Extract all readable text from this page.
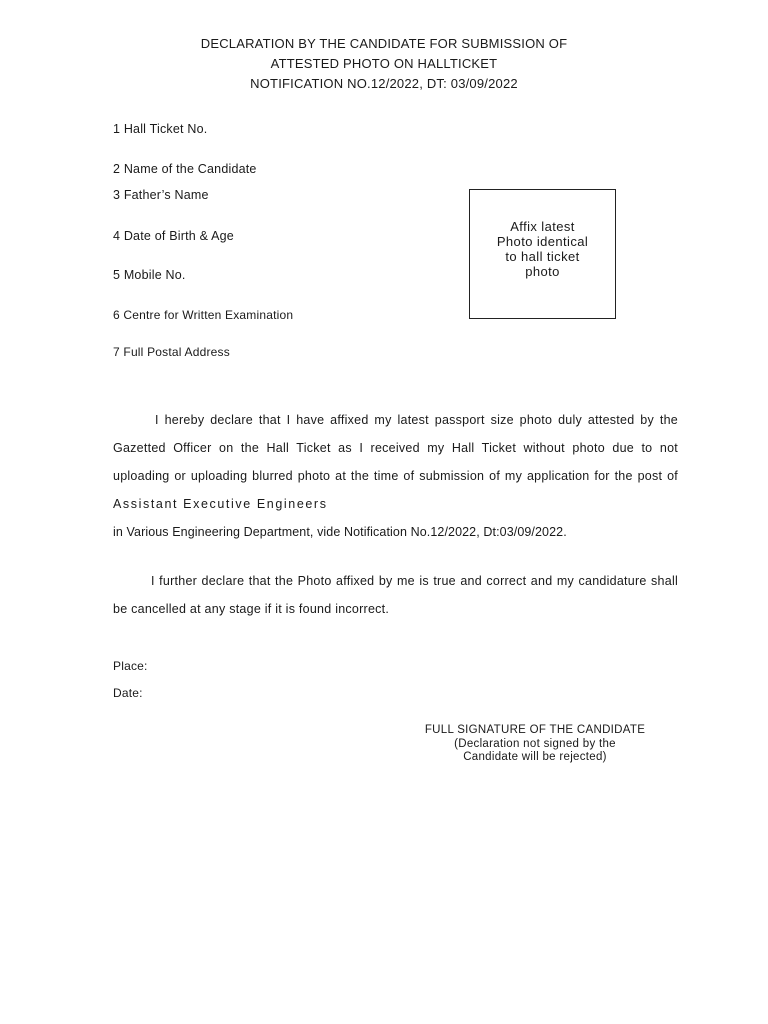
DECLARATION BY THE CANDIDATE FOR SUBMISSION OF
ATTESTED PHOTO ON HALLTICKET
NOTIFICATION NO.12/2022, DT: 03/09/2022
1 Hall Ticket No.
2 Name of the Candidate
3 Father’s Name
4 Date of Birth & Age
5 Mobile No.
6 Centre for Written Examination
7 Full Postal Address
Affix latest
Photo identical
to hall ticket
photo

I hereby declare that I have affixed my latest passport size photo duly attested by the Gazetted Officer on the Hall Ticket as I received my Hall Ticket without photo due to not uploading or uploading blurred photo at the time of submission of my application for the post of Assistant Executive Engineers
in Various Engineering Department, vide Notification No.12/2022, Dt:03/09/2022.

I further declare that the Photo affixed by me is true and correct and my candidature shall be cancelled at any stage if it is found incorrect.

Place:
Date:
FULL SIGNATURE OF THE CANDIDATE
(Declaration not signed by the
Candidate will be rejected)
